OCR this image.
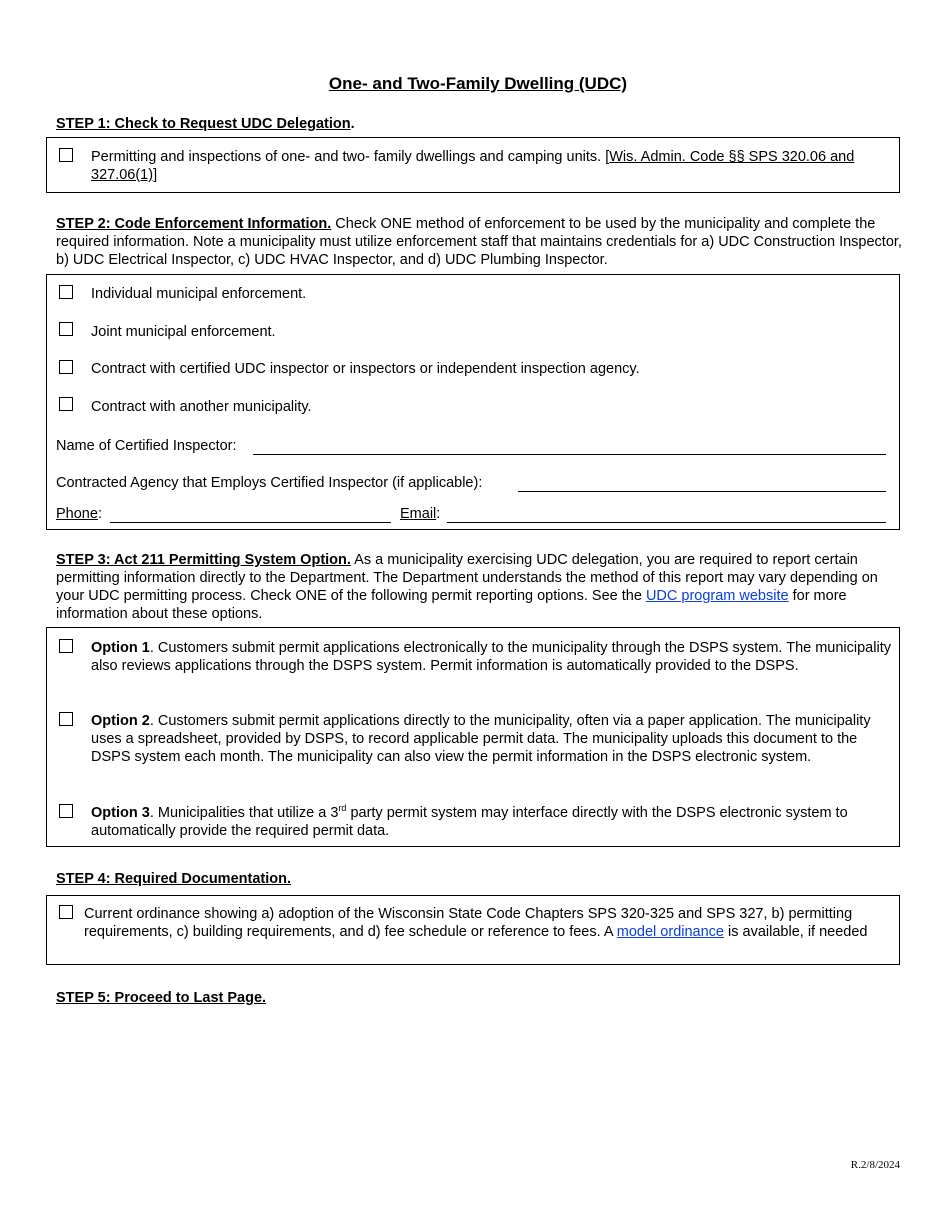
One- and Two-Family Dwelling (UDC)
STEP 1: Check to Request UDC Delegation.
Permitting and inspections of one- and two- family dwellings and camping units. [Wis. Admin. Code §§ SPS 320.06 and 327.06(1)]
STEP 2: Code Enforcement Information. Check ONE method of enforcement to be used by the municipality and complete the required information. Note a municipality must utilize enforcement staff that maintains credentials for a) UDC Construction Inspector, b) UDC Electrical Inspector, c) UDC HVAC Inspector, and d) UDC Plumbing Inspector.
Individual municipal enforcement.
Joint municipal enforcement.
Contract with certified UDC inspector or inspectors or independent inspection agency.
Contract with another municipality.
Name of Certified Inspector:
Contracted Agency that Employs Certified Inspector (if applicable):
Phone:	Email:
STEP 3: Act 211 Permitting System Option. As a municipality exercising UDC delegation, you are required to report certain permitting information directly to the Department. The Department understands the method of this report may vary depending on your UDC permitting process. Check ONE of the following permit reporting options. See the UDC program website for more information about these options.
Option 1. Customers submit permit applications electronically to the municipality through the DSPS system. The municipality also reviews applications through the DSPS system. Permit information is automatically provided to the DSPS.
Option 2. Customers submit permit applications directly to the municipality, often via a paper application. The municipality uses a spreadsheet, provided by DSPS, to record applicable permit data. The municipality uploads this document to the DSPS system each month. The municipality can also view the permit information in the DSPS electronic system.
Option 3. Municipalities that utilize a 3rd party permit system may interface directly with the DSPS electronic system to automatically provide the required permit data.
STEP 4: Required Documentation.
Current ordinance showing a) adoption of the Wisconsin State Code Chapters SPS 320-325 and SPS 327, b) permitting requirements, c) building requirements, and d) fee schedule or reference to fees. A model ordinance is available, if needed
STEP 5: Proceed to Last Page.
R.2/8/2024
